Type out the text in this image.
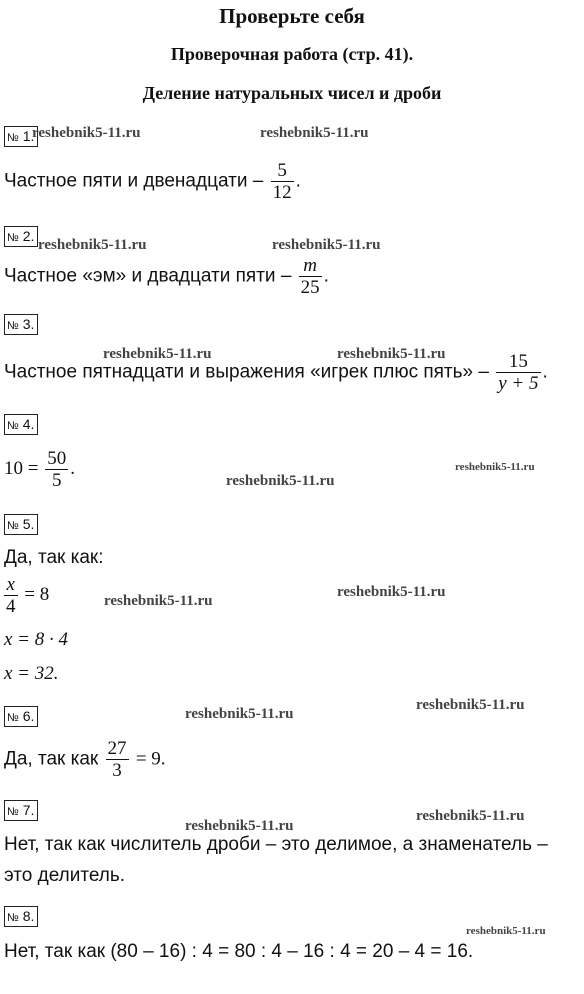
Проверьте себя
Проверочная работа (стр. 41).
Деление натуральных чисел и дроби
№ 1.
reshebnik5-11.ru	reshebnik5-11.ru
Частное пяти и двенадцати – $\frac{5}{12}$ .
№ 2.
reshebnik5-11.ru	reshebnik5-11.ru
Частное «эм» и двадцати пяти – $\frac{m}{25}$ .
№ 3.
reshebnik5-11.ru	reshebnik5-11.ru
Частное пятнадцати и выражения «игрек плюс пять» – $\frac{15}{y + 5}$ .
№ 4.
$10 = \frac{50}{5}$ .
reshebnik5-11.ru
reshebnik5-11.ru
№ 5.
Да, так как:
$\frac{x}{4} = 8$
x = 8 · 4
x = 32.
reshebnik5-11.ru
reshebnik5-11.ru
№ 6.	reshebnik5-11.ru
reshebnik5-11.ru
Да, так как $\frac{27}{3} = 9$.
№ 7.
reshebnik5-11.ru
reshebnik5-11.ru
Нет, так как числитель дроби – это делимое, а знаменатель –
это делитель.
№ 8.
reshebnik5-11.ru
Нет, так как (80 – 16) : 4 = 80 : 4 – 16 : 4 = 20 – 4 = 16.
